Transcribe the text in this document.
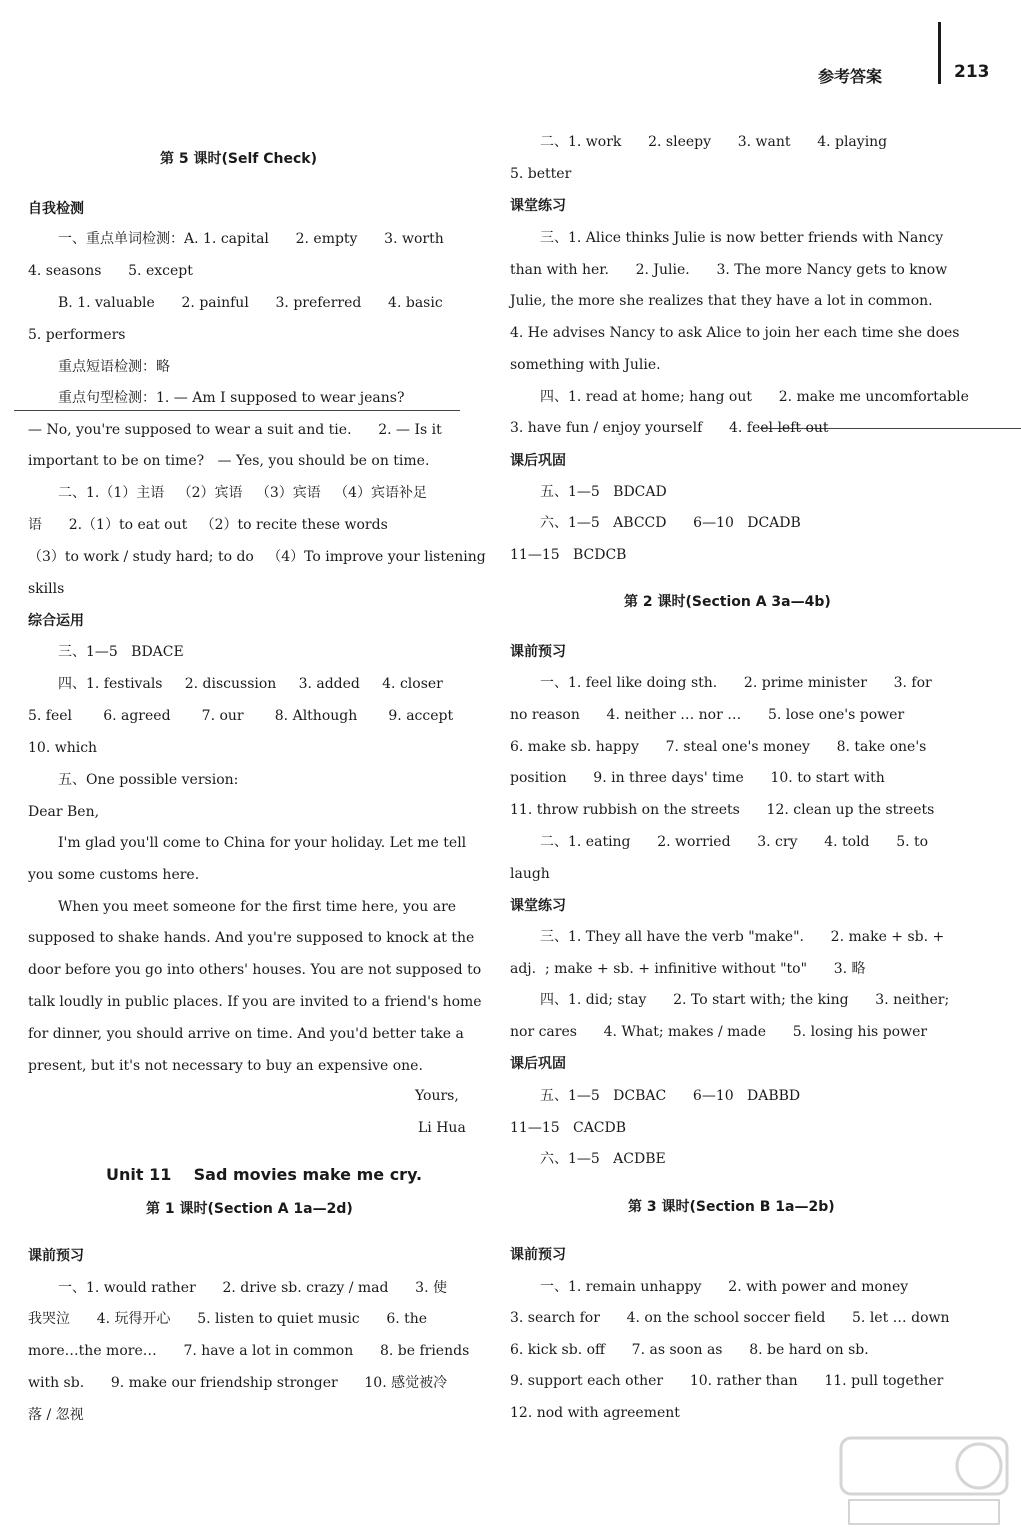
参考答案	213
第 5 课时(Self Check)
自我检测
一、重点单词检测：A. 1. capital      2. empty      3. worth
4. seasons      5. except
B. 1. valuable      2. painful      3. preferred      4. basic
5. performers
重点短语检测：略
重点句型检测：1. — Am I supposed to wear jeans?
— No, you're supposed to wear a suit and tie.      2. — Is it
important to be on time?   — Yes, you should be on time.
二、1.（1）主语   （2）宾语   （3）宾语   （4）宾语补足
语      2.（1）to eat out   （2）to recite these words
（3）to work / study hard; to do   （4）To improve your listening
skills
综合运用
三、1—5   BDACE
四、1. festivals     2. discussion     3. added     4. closer
5. feel       6. agreed       7. our       8. Although       9. accept
10. which
五、One possible version:
Dear Ben,
I'm glad you'll come to China for your holiday. Let me tell
you some customs here.
When you meet someone for the first time here, you are
supposed to shake hands. And you're supposed to knock at the
door before you go into others' houses. You are not supposed to
talk loudly in public places. If you are invited to a friend's home
for dinner, you should arrive on time. And you'd better take a
present, but it's not necessary to buy an expensive one.
Yours,
Li Hua
Unit 11    Sad movies make me cry.
第 1 课时(Section A 1a—2d)
课前预习
一、1. would rather      2. drive sb. crazy / mad      3. 使
我哭泣      4. 玩得开心      5. listen to quiet music      6. the
more…the more…      7. have a lot in common      8. be friends
with sb.      9. make our friendship stronger      10. 感觉被冷
落 / 忽视
二、1. work      2. sleepy      3. want      4. playing
5. better
课堂练习
三、1. Alice thinks Julie is now better friends with Nancy
than with her.      2. Julie.      3. The more Nancy gets to know
Julie, the more she realizes that they have a lot in common.
4. He advises Nancy to ask Alice to join her each time she does
something with Julie.
四、1. read at home; hang out      2. make me uncomfortable
3. have fun / enjoy yourself      4. feel left out
课后巩固
五、1—5   BDCAD
六、1—5   ABCCD      6—10   DCADB
11—15   BCDCB
第 2 课时(Section A 3a—4b)
课前预习
一、1. feel like doing sth.      2. prime minister      3. for
no reason      4. neither … nor …      5. lose one's power
6. make sb. happy      7. steal one's money      8. take one's
position      9. in three days' time      10. to start with
11. throw rubbish on the streets      12. clean up the streets
二、1. eating      2. worried      3. cry      4. told      5. to
laugh
课堂练习
三、1. They all have the verb "make".      2. make + sb. +
adj.  ; make + sb. + infinitive without "to"      3. 略
四、1. did; stay      2. To start with; the king      3. neither;
nor cares      4. What; makes / made      5. losing his power
课后巩固
五、1—5   DCBAC      6—10   DABBD
11—15   CACDB
六、1—5   ACDBE
第 3 课时(Section B 1a—2b)
课前预习
一、1. remain unhappy      2. with power and money
3. search for      4. on the school soccer field      5. let … down
6. kick sb. off      7. as soon as      8. be hard on sb.
9. support each other      10. rather than      11. pull together
12. nod with agreement
